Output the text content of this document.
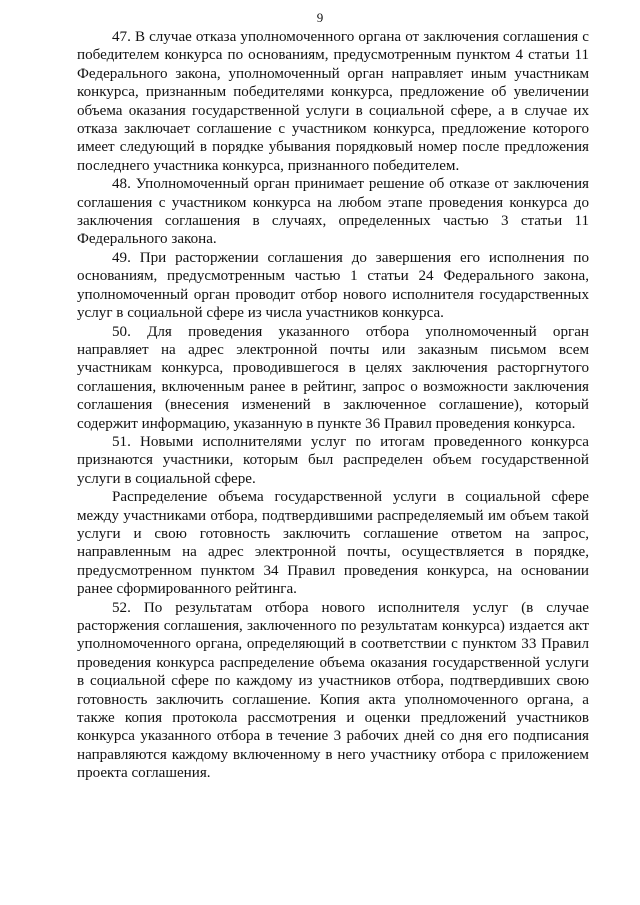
9

47. В случае отказа уполномоченного органа от заключения соглашения с победителем конкурса по основаниям, предусмотренным пунктом 4 статьи 11 Федерального закона, уполномоченный орган направляет иным участникам конкурса, признанным победителями конкурса, предложение об увеличении объема оказания государственной услуги в социальной сфере, а в случае их отказа заключает соглашение с участником конкурса, предложение которого имеет следующий в порядке убывания порядковый номер после предложения последнего участника конкурса, признанного победителем.

48. Уполномоченный орган принимает решение об отказе от заключения соглашения с участником конкурса на любом этапе проведения конкурса до заключения соглашения в случаях, определенных частью 3 статьи 11 Федерального закона.

49. При расторжении соглашения до завершения его исполнения по основаниям, предусмотренным частью 1 статьи 24 Федерального закона, уполномоченный орган проводит отбор нового исполнителя государственных услуг в социальной сфере из числа участников конкурса.

50. Для проведения указанного отбора уполномоченный орган направляет на адрес электронной почты или заказным письмом всем участникам конкурса, проводившегося в целях заключения расторгнутого соглашения, включенным ранее в рейтинг, запрос о возможности заключения соглашения (внесения изменений в заключенное соглашение), который содержит информацию, указанную в пункте 36 Правил проведения конкурса.

51. Новыми исполнителями услуг по итогам проведенного конкурса признаются участники, которым был распределен объем государственной услуги в социальной сфере.

Распределение объема государственной услуги в социальной сфере между участниками отбора, подтвердившими распределяемый им объем такой услуги и свою готовность заключить соглашение ответом на запрос, направленным на адрес электронной почты, осуществляется в порядке, предусмотренном пунктом 34 Правил проведения конкурса, на основании ранее сформированного рейтинга.

52. По результатам отбора нового исполнителя услуг (в случае расторжения соглашения, заключенного по результатам конкурса) издается акт уполномоченного органа, определяющий в соответствии с пунктом 33 Правил проведения конкурса распределение объема оказания государственной услуги в социальной сфере по каждому из участников отбора, подтвердивших свою готовность заключить соглашение. Копия акта уполномоченного органа, а также копия протокола рассмотрения и оценки предложений участников конкурса указанного отбора в течение 3 рабочих дней со дня его подписания направляются каждому включенному в него участнику отбора с приложением проекта соглашения.
